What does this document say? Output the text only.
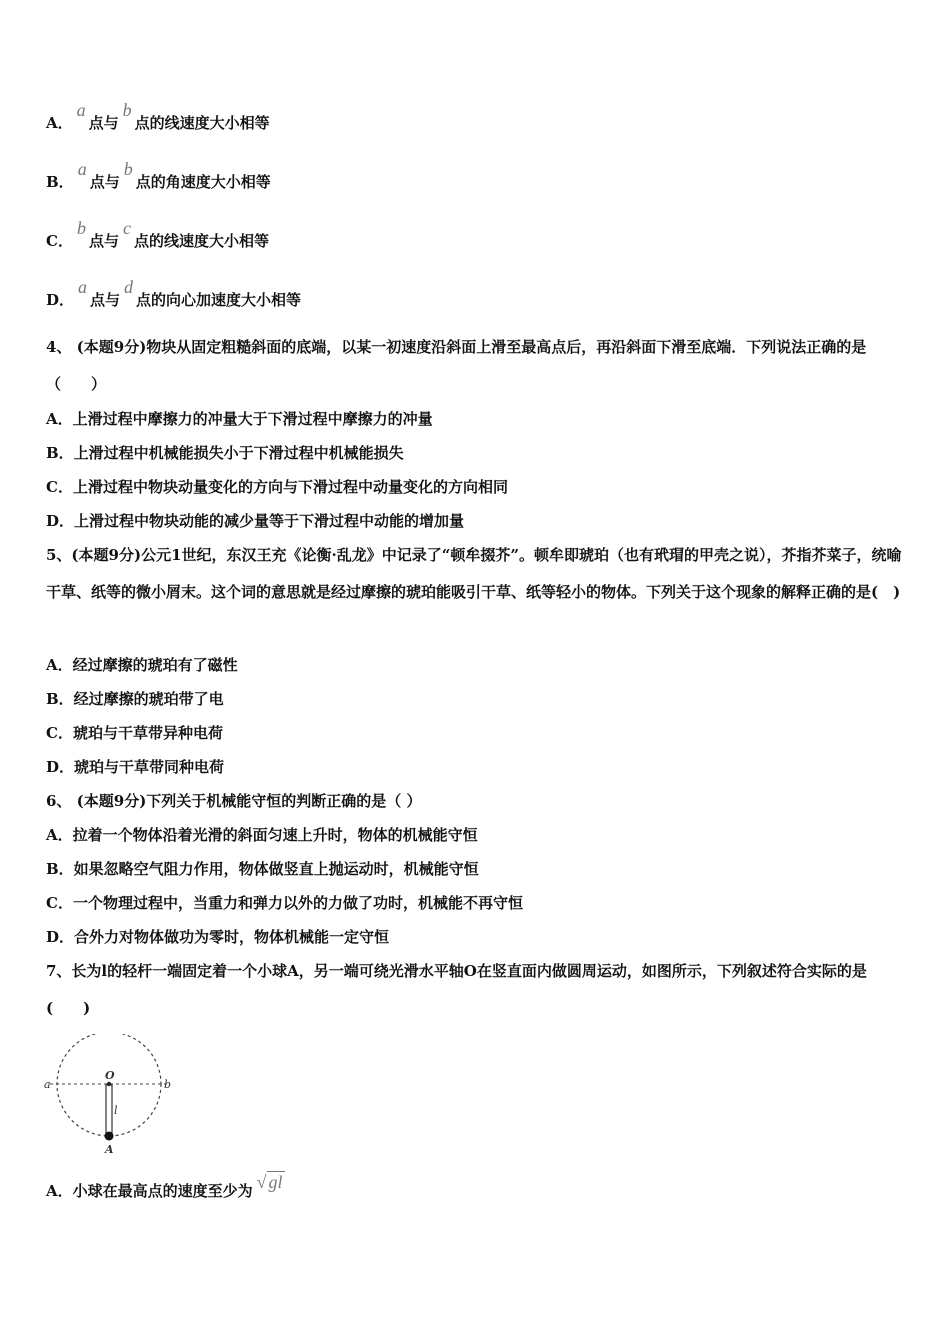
A．a点与b点的线速度大小相等
B．a点与b点的角速度大小相等
C．b点与c点的线速度大小相等
D．a点与d点的向心加速度大小相等
4、 (本题9分)物块从固定粗糙斜面的底端，以某一初速度沿斜面上滑至最高点后，再沿斜面下滑至底端．下列说法正确的是（　　）
A．上滑过程中摩擦力的冲量大于下滑过程中摩擦力的冲量
B．上滑过程中机械能损失小于下滑过程中机械能损失
C．上滑过程中物块动量变化的方向与下滑过程中动量变化的方向相同
D．上滑过程中物块动能的减少量等于下滑过程中动能的增加量
5、(本题9分)公元1世纪，东汉王充《论衡·乱龙》中记录了“顿牟掇芥”。顿牟即琥珀（也有玳瑁的甲壳之说），芥指芥菜子，统喻干草、纸等的微小屑末。这个词的意思就是经过摩擦的琥珀能吸引干草、纸等轻小的物体。下列关于这个现象的解释正确的是(　)
A．经过摩擦的琥珀有了磁性
B．经过摩擦的琥珀带了电
C．琥珀与干草带异种电荷
D．琥珀与干草带同种电荷
6、 (本题9分)下列关于机械能守恒的判断正确的是（ ）
A．拉着一个物体沿着光滑的斜面匀速上升时，物体的机械能守恒
B．如果忽略空气阻力作用，物体做竖直上抛运动时，机械能守恒
C．一个物理过程中，当重力和弹力以外的力做了功时，机械能不再守恒
D．合外力对物体做功为零时，物体机械能一定守恒
7、长为l的轻杆一端固定着一个小球A，另一端可绕光滑水平轴O在竖直面内做圆周运动，如图所示，下列叙述符合实际的是(　　)
a	b
O
l
A
A．小球在最高点的速度至少为 √ gl
